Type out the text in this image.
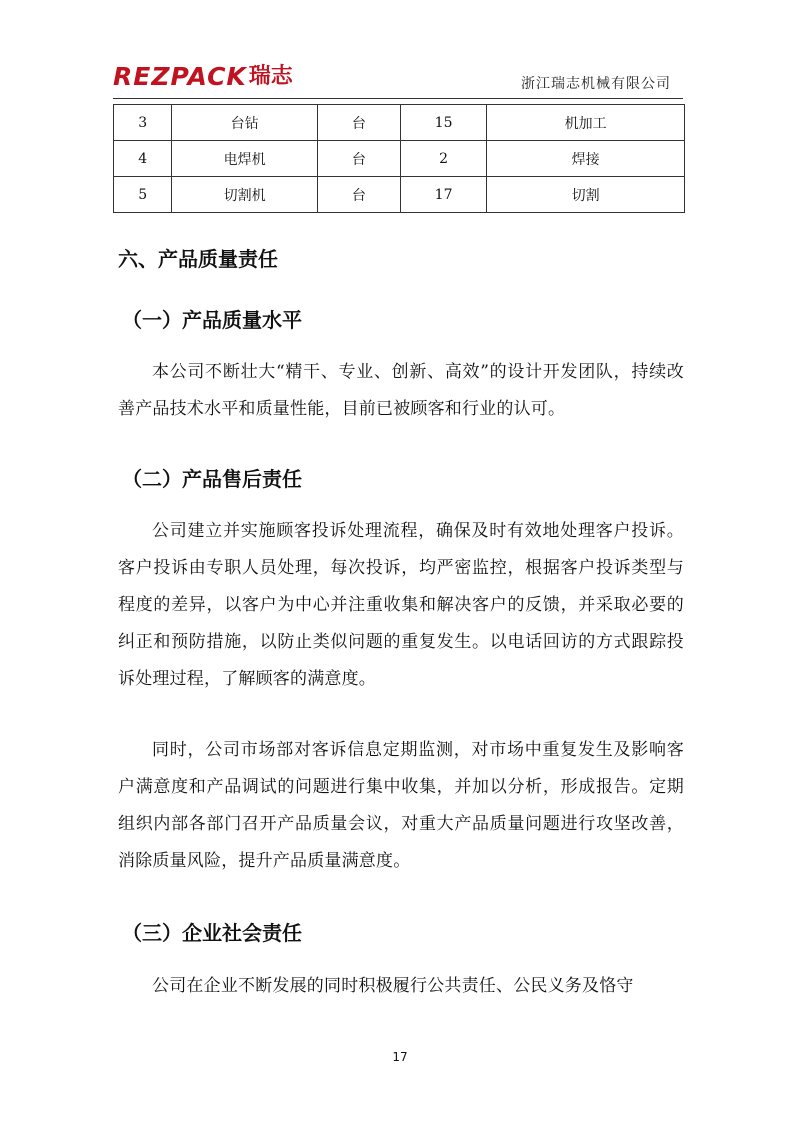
REZPACK 瑞志	浙江瑞志机械有限公司
3	台钻	台	15	机加工
4	电焊机	台	2	焊接
5	切割机	台	17	切割
六、产品质量责任
（一）产品质量水平

本公司不断壮大“精干、专业、创新、高效”的设计开发团队，持续改善产品技术水平和质量性能，目前已被顾客和行业的认可。

（二）产品售后责任

公司建立并实施顾客投诉处理流程，确保及时有效地处理客户投诉。客户投诉由专职人员处理，每次投诉，均严密监控，根据客户投诉类型与程度的差异，以客户为中心并注重收集和解决客户的反馈，并采取必要的纠正和预防措施，以防止类似问题的重复发生。以电话回访的方式跟踪投诉处理过程，了解顾客的满意度。

同时，公司市场部对客诉信息定期监测，对市场中重复发生及影响客户满意度和产品调试的问题进行集中收集，并加以分析，形成报告。定期组织内部各部门召开产品质量会议，对重大产品质量问题进行攻坚改善，消除质量风险，提升产品质量满意度。

（三）企业社会责任

公司在企业不断发展的同时积极履行公共责任、公民义务及恪守

17
